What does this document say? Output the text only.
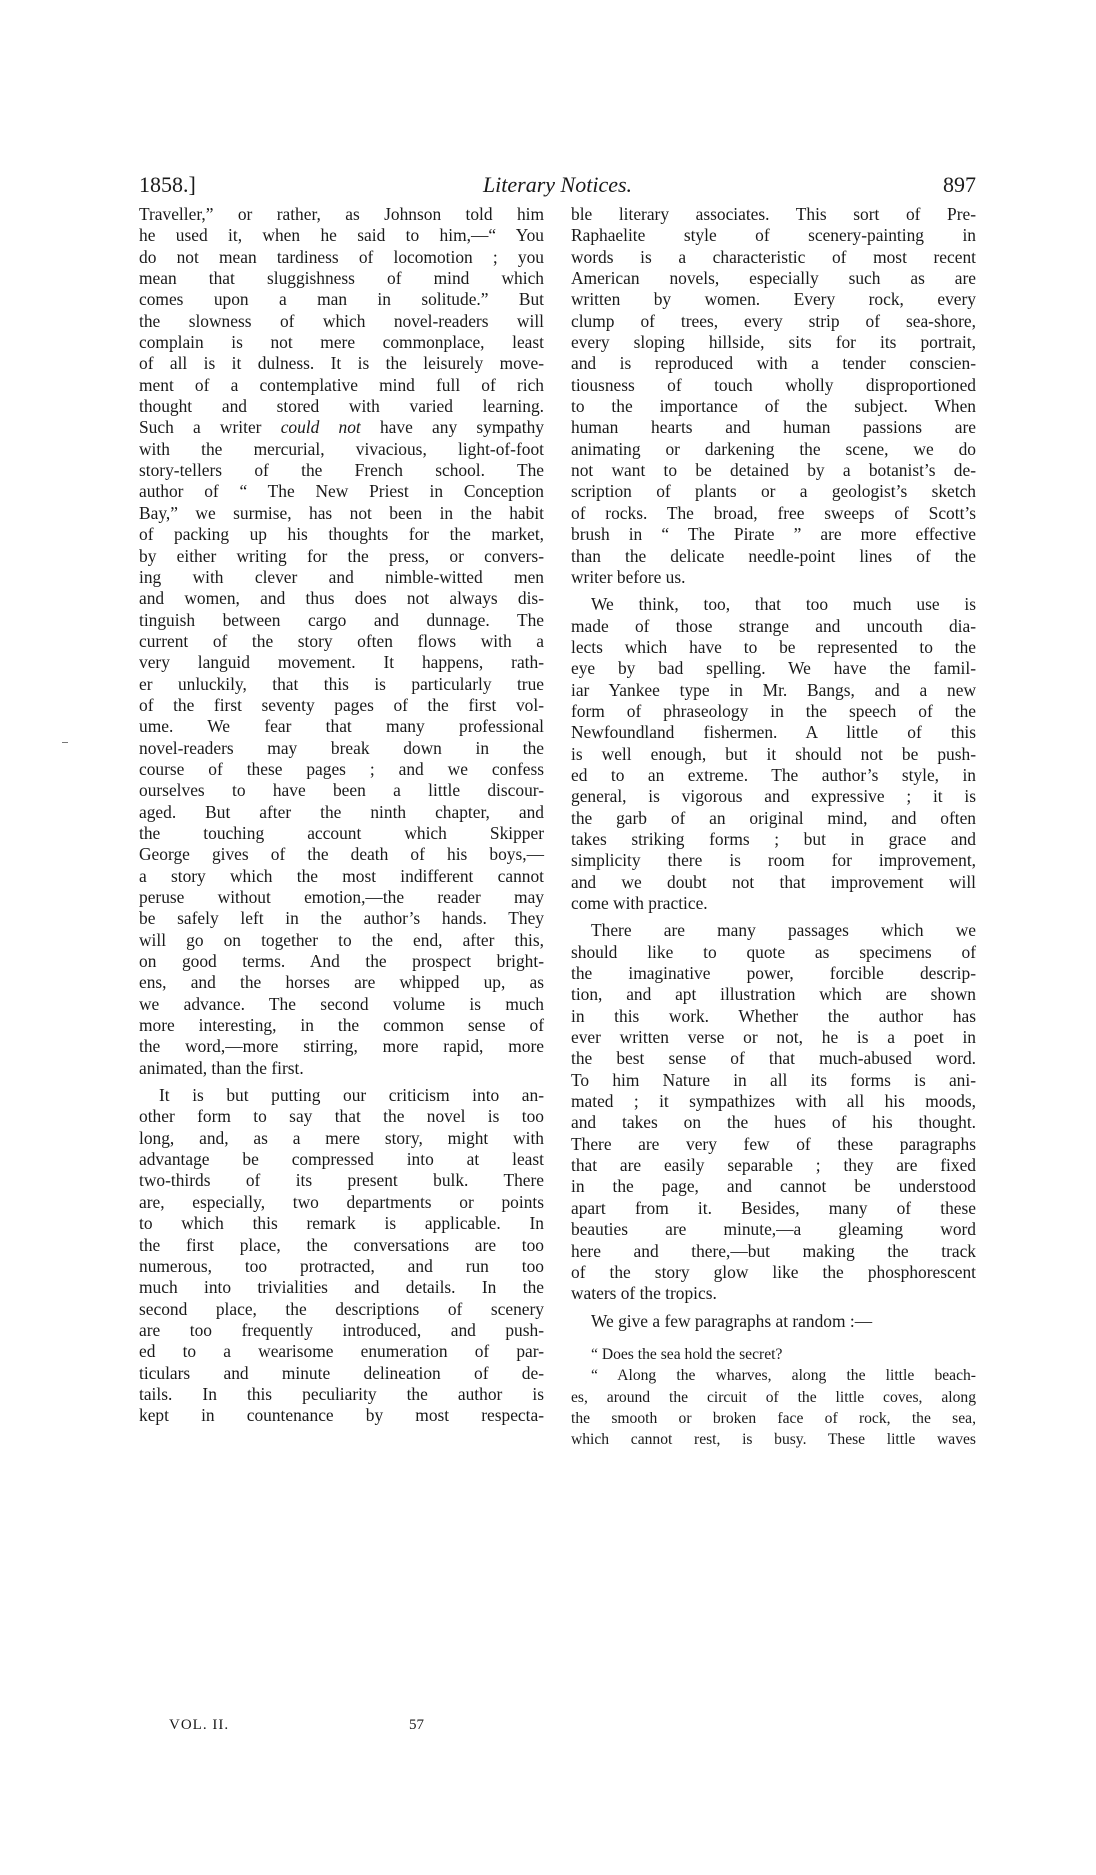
1858.]	Literary Notices.	897
Traveller,” or rather, as Johnson told him
he used it, when he said to him,—“ You
do not mean tardiness of locomotion ; you
mean that sluggishness of mind which
comes upon a man in solitude.” But
the slowness of which novel-readers will
complain is not mere commonplace, least
of all is it dulness. It is the leisurely move-
ment of a contemplative mind full of rich
thought and stored with varied learning.
Such a writer could not have any sympathy
with the mercurial, vivacious, light-of-foot
story-tellers of the French school. The
author of “ The New Priest in Conception
Bay,” we surmise, has not been in the habit
of packing up his thoughts for the market,
by either writing for the press, or convers-
ing with clever and nimble-witted men
and women, and thus does not always dis-
tinguish between cargo and dunnage. The
current of the story often flows with a
very languid movement. It happens, rath-
er unluckily, that this is particularly true
of the first seventy pages of the first vol-
ume. We fear that many professional
novel-readers may break down in the
course of these pages ; and we confess
ourselves to have been a little discour-
aged. But after the ninth chapter, and
the touching account which Skipper
George gives of the death of his boys,—
a story which the most indifferent cannot
peruse without emotion,—the reader may
be safely left in the author’s hands. They
will go on together to the end, after this,
on good terms. And the prospect bright-
ens, and the horses are whipped up, as
we advance. The second volume is much
more interesting, in the common sense of
the word,—more stirring, more rapid, more
animated, than the first.
It is but putting our criticism into an-
other form to say that the novel is too
long, and, as a mere story, might with
advantage be compressed into at least
two-thirds of its present bulk. There
are, especially, two departments or points
to which this remark is applicable. In
the first place, the conversations are too
numerous, too protracted, and run too
much into trivialities and details. In the
second place, the descriptions of scenery
are too frequently introduced, and push-
ed to a wearisome enumeration of par-
ticulars and minute delineation of de-
tails. In this peculiarity the author is
kept in countenance by most respecta-
ble literary associates. This sort of Pre-
Raphaelite style of scenery-painting in
words is a characteristic of most recent
American novels, especially such as are
written by women. Every rock, every
clump of trees, every strip of sea-shore,
every sloping hillside, sits for its portrait,
and is reproduced with a tender conscien-
tiousness of touch wholly disproportioned
to the importance of the subject. When
human hearts and human passions are
animating or darkening the scene, we do
not want to be detained by a botanist’s de-
scription of plants or a geologist’s sketch
of rocks. The broad, free sweeps of Scott’s
brush in “ The Pirate ” are more effective
than the delicate needle-point lines of the
writer before us.
We think, too, that too much use is
made of those strange and uncouth dia-
lects which have to be represented to the
eye by bad spelling. We have the famil-
iar Yankee type in Mr. Bangs, and a new
form of phraseology in the speech of the
Newfoundland fishermen. A little of this
is well enough, but it should not be push-
ed to an extreme. The author’s style, in
general, is vigorous and expressive ; it is
the garb of an original mind, and often
takes striking forms ; but in grace and
simplicity there is room for improvement,
and we doubt not that improvement will
come with practice.
There are many passages which we
should like to quote as specimens of
the imaginative power, forcible descrip-
tion, and apt illustration which are shown
in this work. Whether the author has
ever written verse or not, he is a poet in
the best sense of that much-abused word.
To him Nature in all its forms is ani-
mated ; it sympathizes with all his moods,
and takes on the hues of his thought.
There are very few of these paragraphs
that are easily separable ; they are fixed
in the page, and cannot be understood
apart from it. Besides, many of these
beauties are minute,—a gleaming word
here and there,—but making the track
of the story glow like the phosphorescent
waters of the tropics.
We give a few paragraphs at random :—
“ Does the sea hold the secret?
“ Along the wharves, along the little beach-
es, around the circuit of the little coves, along
the smooth or broken face of rock, the sea,
which cannot rest, is busy. These little waves
VOL. II.	57
